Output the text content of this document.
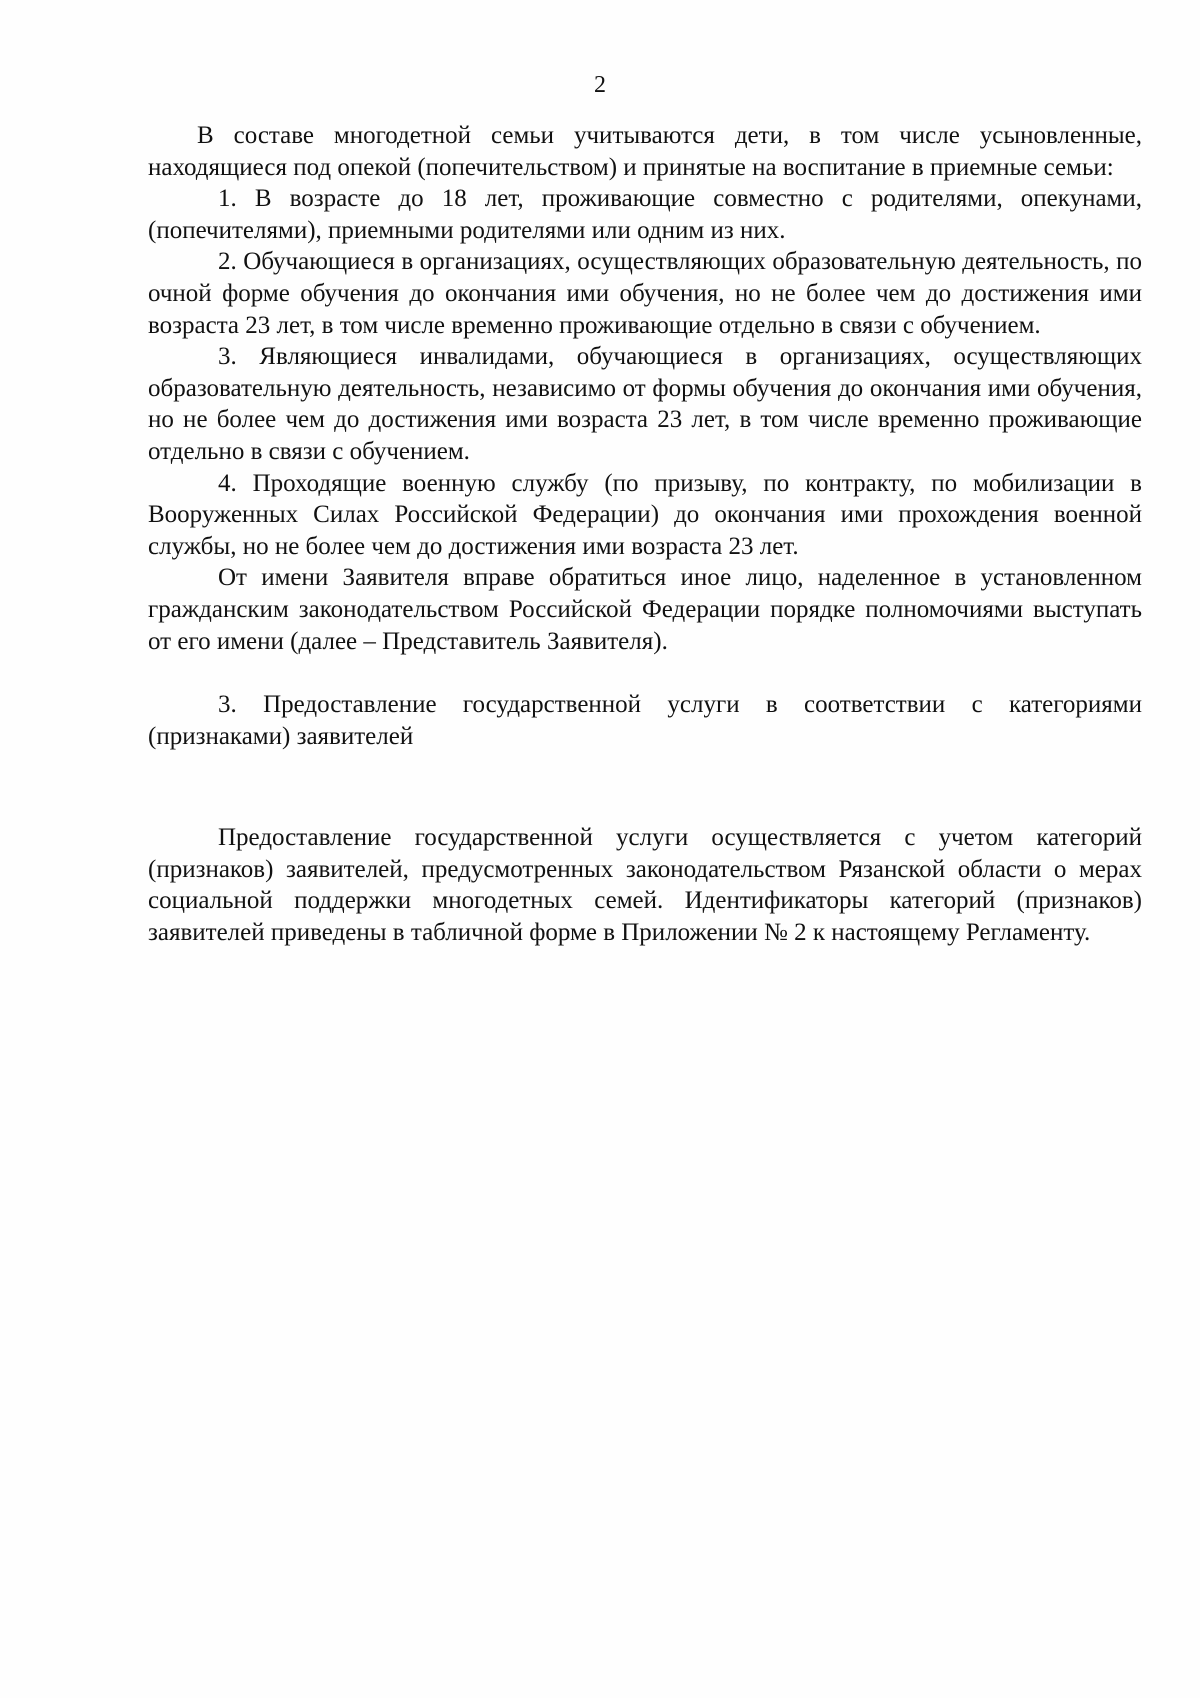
2

В составе многодетной семьи учитываются дети, в том числе усыновленные, находящиеся под опекой (попечительством) и принятые на воспитание в приемные семьи:

1. В возрасте до 18 лет, проживающие совместно с родителями, опекунами, (попечителями), приемными родителями или одним из них.

2. Обучающиеся в организациях, осуществляющих образовательную деятельность, по очной форме обучения до окончания ими обучения, но не более чем до достижения ими возраста 23 лет, в том числе временно проживающие отдельно в связи с обучением.

3. Являющиеся инвалидами, обучающиеся в организациях, осуществляющих образовательную деятельность, независимо от формы обучения до окончания ими обучения, но не более чем до достижения ими возраста 23 лет, в том числе временно проживающие отдельно в связи с обучением.

4. Проходящие военную службу (по призыву, по контракту, по мобилизации в Вооруженных Силах Российской Федерации) до окончания ими прохождения военной службы, но не более чем до достижения ими возраста 23 лет.

От имени Заявителя вправе обратиться иное лицо, наделенное в установленном гражданским законодательством Российской Федерации порядке полномочиями выступать от его имени (далее – Представитель Заявителя).

3. Предоставление государственной услуги в соответствии с категориями (признаками) заявителей

Предоставление государственной услуги осуществляется с учетом категорий (признаков) заявителей, предусмотренных законодательством Рязанской области о мерах социальной поддержки многодетных семей. Идентификаторы категорий (признаков) заявителей приведены в табличной форме в Приложении № 2 к настоящему Регламенту.
